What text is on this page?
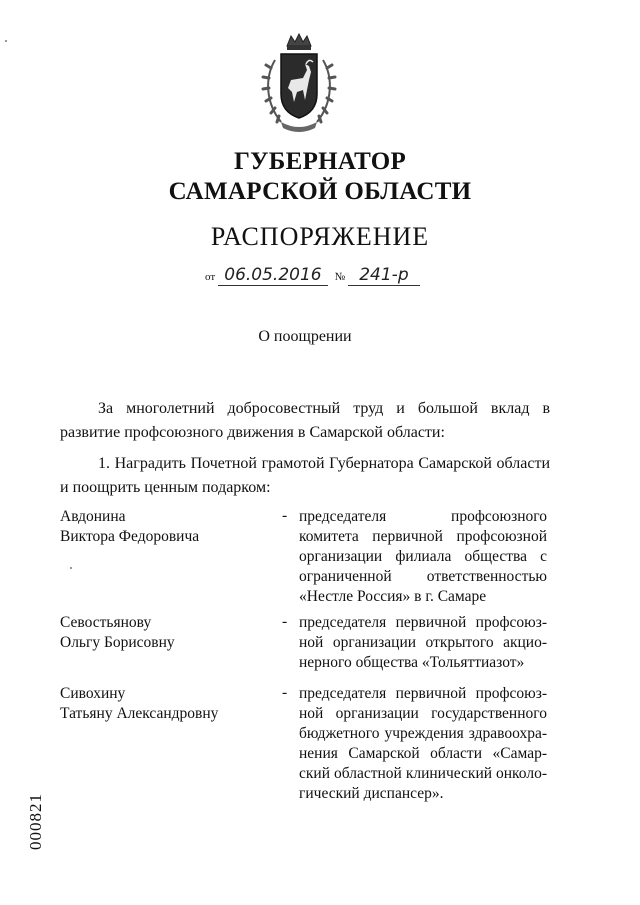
ГУБЕРНАТОР
САМАРСКОЙ ОБЛАСТИ
РАСПОРЯЖЕНИЕ
от 06.05.2016 № 241-р
О поощрении
За многолетний добросовестный труд и большой вклад в развитие профсоюзного движения в Самарской области:
1. Наградить Почетной грамотой Губернатора Самарской области и поощрить ценным подарком:
Авдонина
Виктора Федоровича
- председателя профсоюзного комитета первичной профсоюзной организации филиала общества с ограниченной ответственностью «Нестле Россия» в г. Самаре
Севостьянову
Ольгу Борисовну
- председателя первичной профсоюз-ной организации открытого акцио-нерного общества «Тольяттиазот»
Сивохину
Татьяну Александровну
- председателя первичной профсоюз-ной организации государственного бюджетного учреждения здравоохра-нения Самарской области «Самар-ский областной клинический онколо-гический диспансер».
000821
